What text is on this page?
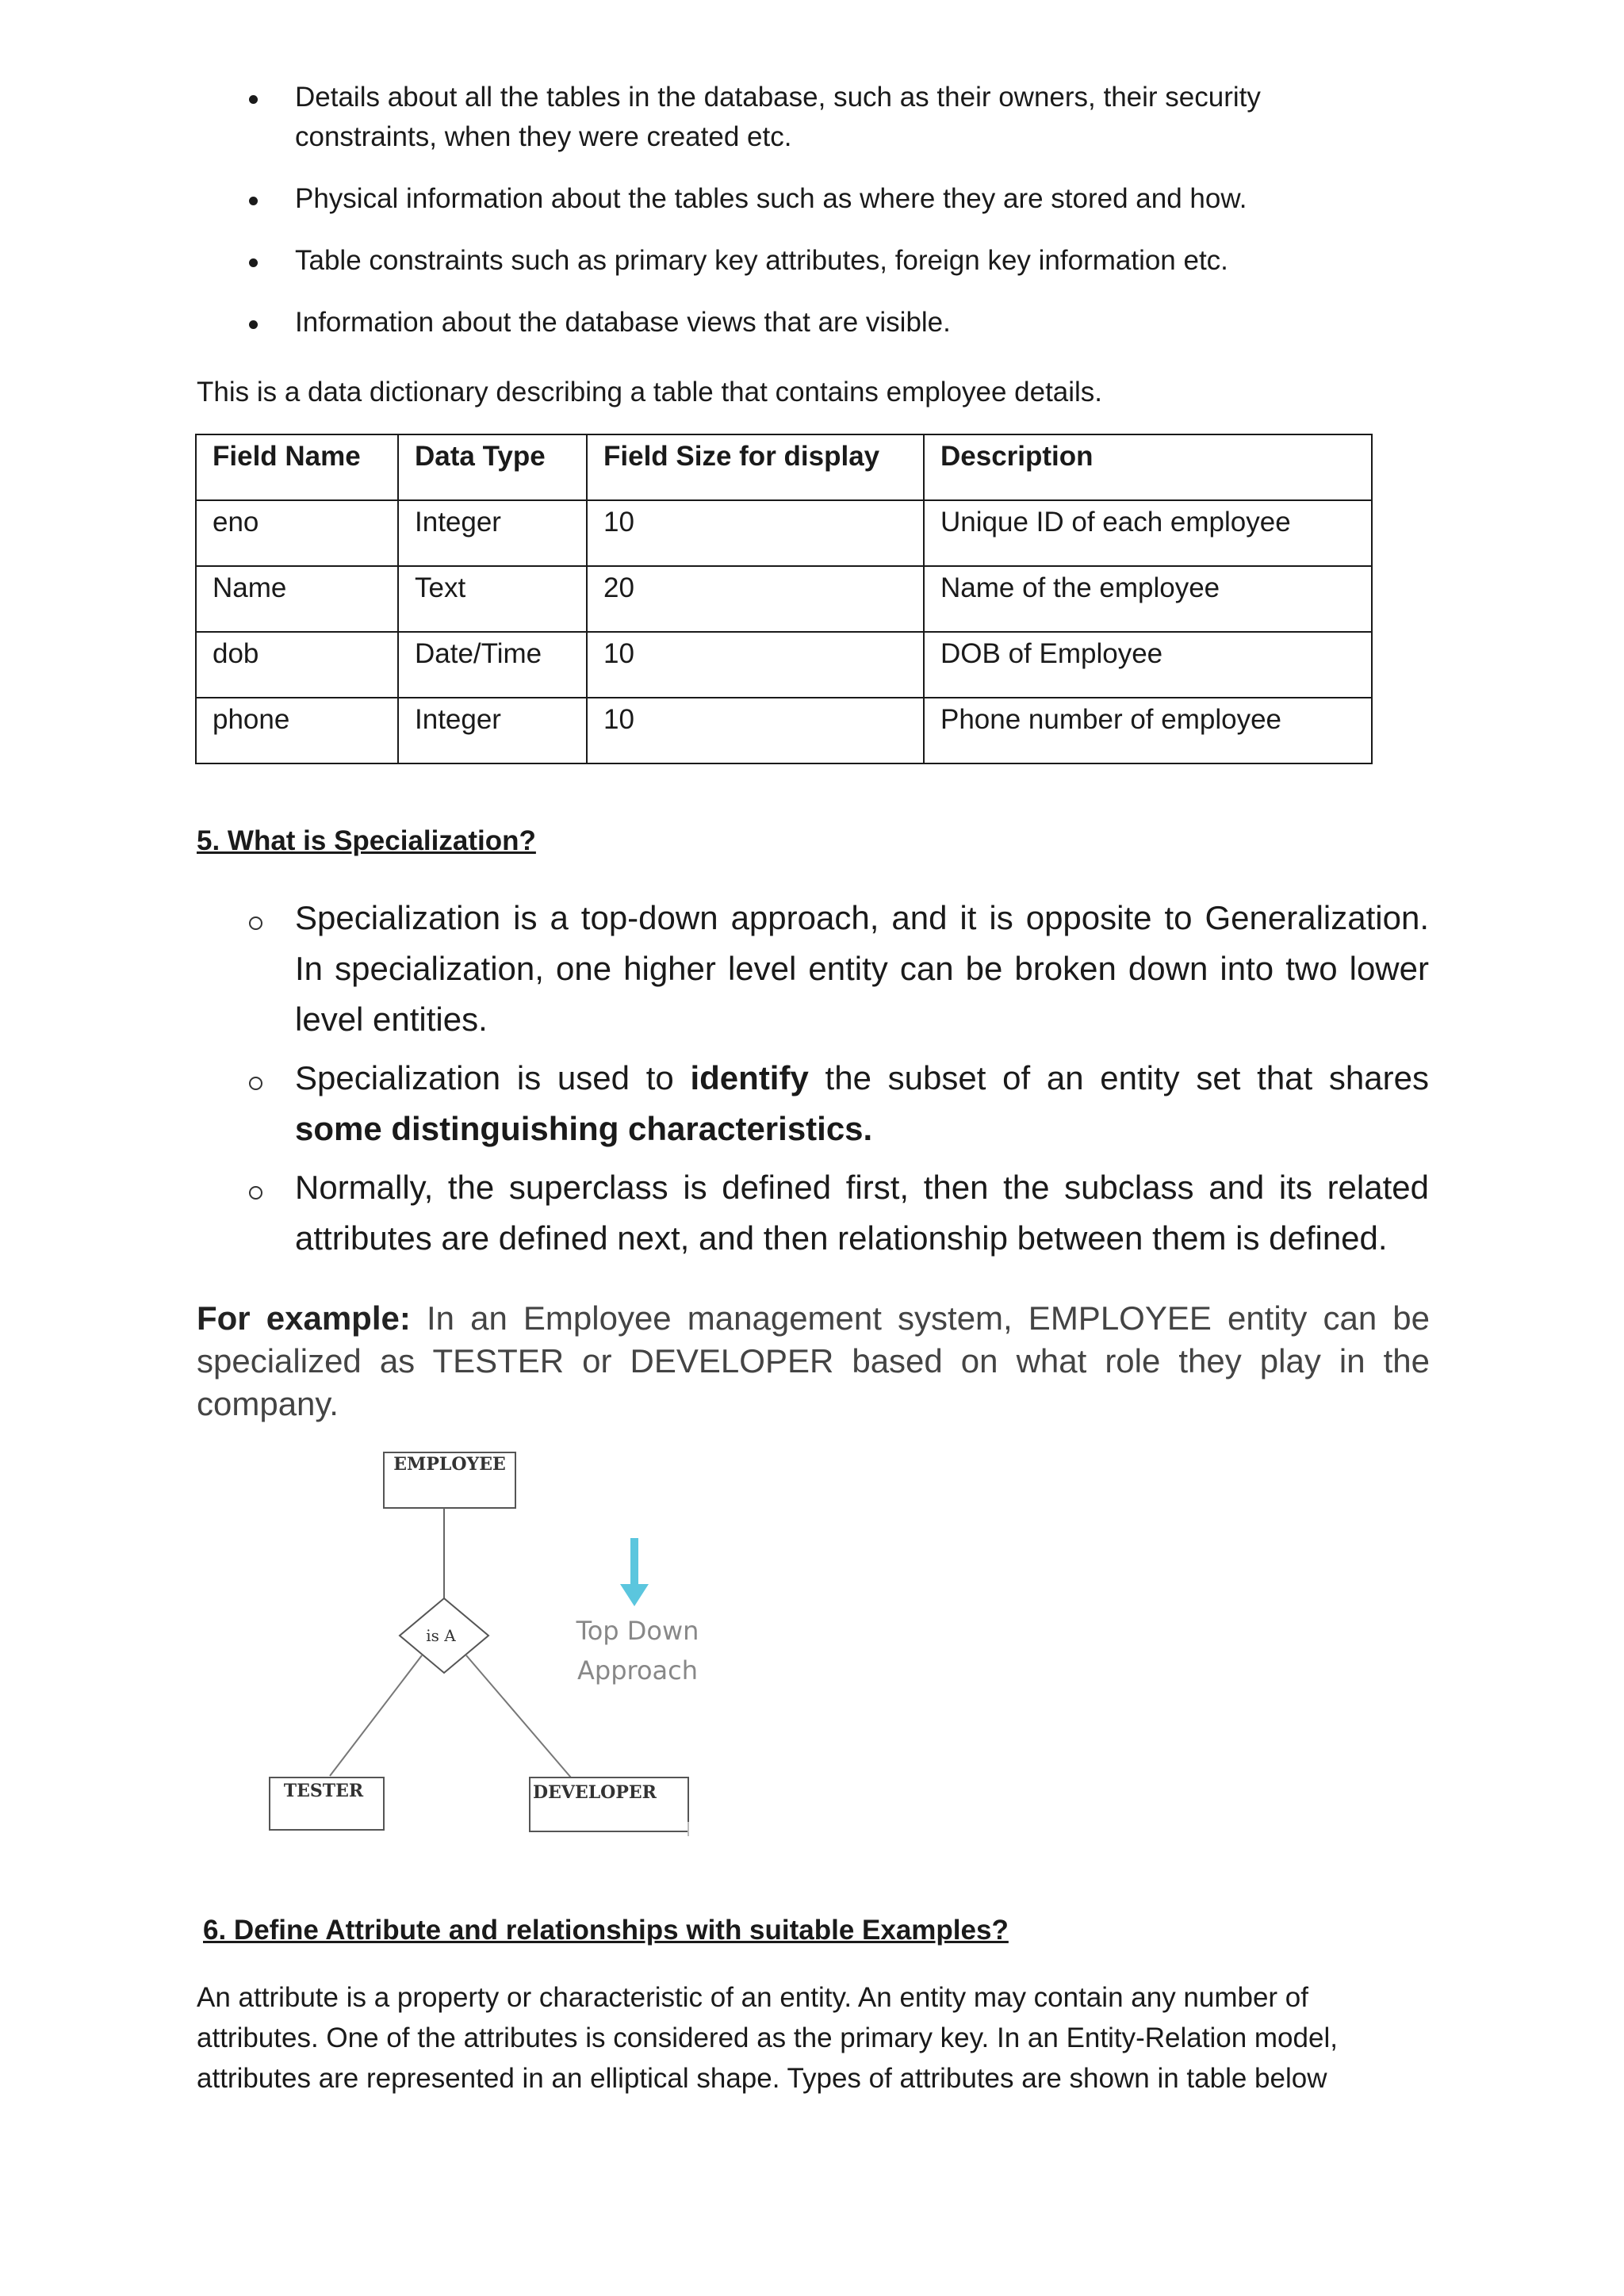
Details about all the tables in the database, such as their owners, their security constraints, when they were created etc.
Physical information about the tables such as where they are stored and how.
Table constraints such as primary key attributes, foreign key information etc.
Information about the database views that are visible.
This is a data dictionary describing a table that contains employee details.
Field Name	Data Type	Field Size for display	Description
eno	Integer	10	Unique ID of each employee
Name	Text	20	Name of the employee
dob	Date/Time	10	DOB of Employee
phone	Integer	10	Phone number of employee
5. What is Specialization?
Specialization is a top-down approach, and it is opposite to Generalization. In specialization, one higher level entity can be broken down into two lower level entities.
Specialization is used to identify the subset of an entity set that shares some distinguishing characteristics.
Normally, the superclass is defined first, then the subclass and its related attributes are defined next, and then relationship between them is defined.
For example: In an Employee management system, EMPLOYEE entity can be specialized as TESTER or DEVELOPER based on what role they play in the company.
EMPLOYEE
is A
TESTER	DEVELOPER
Top Down
Approach
6. Define Attribute and relationships with suitable Examples?
An attribute is a property or characteristic of an entity. An entity may contain any number of attributes. One of the attributes is considered as the primary key. In an Entity-Relation model, attributes are represented in an elliptical shape. Types of attributes are shown in table below
